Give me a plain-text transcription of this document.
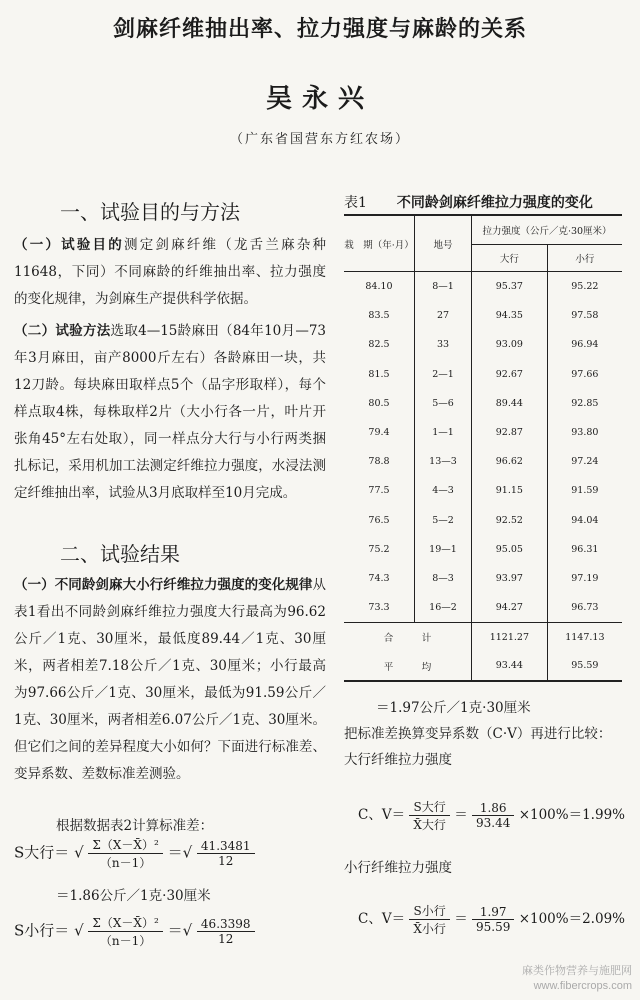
剑麻纤维抽出率、拉力强度与麻龄的关系
吴永兴
（广东省国营东方红农场）
一、试验目的与方法
（一）试验目的测定剑麻纤维（龙舌兰麻杂种11648，下同）不同麻龄的纤维抽出率、拉力强度的变化规律，为剑麻生产提供科学依据。
（二）试验方法选取4—15龄麻田（84年10月—73年3月麻田，亩产8000斤左右）各龄麻田一块，共12刀龄。每块麻田取样点5个（品字形取样），每个样点取4株，每株取样2片（大小行各一片，叶片开张角45°左右处取），同一样点分大行与小行两类捆扎标记，采用机加工法测定纤维拉力强度，水浸法测定纤维抽出率，试验从3月底取样至10月完成。
二、试验结果
（一）不同龄剑麻大小行纤维拉力强度的变化规律从表1看出不同龄剑麻纤维拉力强度大行最高为96.62公斤／1克、30厘米，最低度89.44／1克、30厘米，两者相差7.18公斤／1克、30厘米；小行最高为97.66公斤／1克、30厘米，最低为91.59公斤／1克、30厘米，两者相差6.07公斤／1克、30厘米。但它们之间的差异程度大小如何？下面进行标准差、变异系数、差数标准差测验。
根据数据表2计算标准差：
S大行＝ √ $\frac{\text{Σ（X－X̄）²}}{(n-1)}$ ＝√ $\frac{41.3481}{12}$
＝1.86公斤／1克·30厘米
S小行＝ √ $\frac{\text{Σ（X－X̄）²}}{(n-1)}$ ＝√ $\frac{46.3398}{12}$
表1 不同龄剑麻纤维拉力强度的变化
栽　期（年·月）	地号	拉力强度（公斤／克·30厘米）	
		大行	小行
84.10	8—1	95.37	95.22
83.5	27	94.35	97.58
82.5	33	93.09	96.94
81.5	2—1	92.67	97.66
80.5	5—6	89.44	92.85
79.4	1—1	92.87	93.80
78.8	13—3	96.62	97.24
77.5	4—3	91.15	91.59
76.5	5—2	92.52	94.04
75.2	19—1	95.05	96.31
74.3	8—3	93.97	97.19
73.3	16—2	94.27	96.73
合　　　计		1121.27	1147.13
平　　　均		93.44	95.59
＝1.97公斤／1克·30厘米
把标准差换算变异系数（C·V）再进行比较：
大行纤维拉力强度
C、$V= \frac{\text{S大行}}{\text{X̄大行}} = \frac{1.86}{93.44} \times 100\%=1.99\%$
小行纤维拉力强度
C、$V= \frac{\text{S小行}}{\text{X̄小行}} = \frac{1.97}{95.59} \times 100\%=2.09\%$
麻类作物营养与施肥网
www.fibercrops.com
